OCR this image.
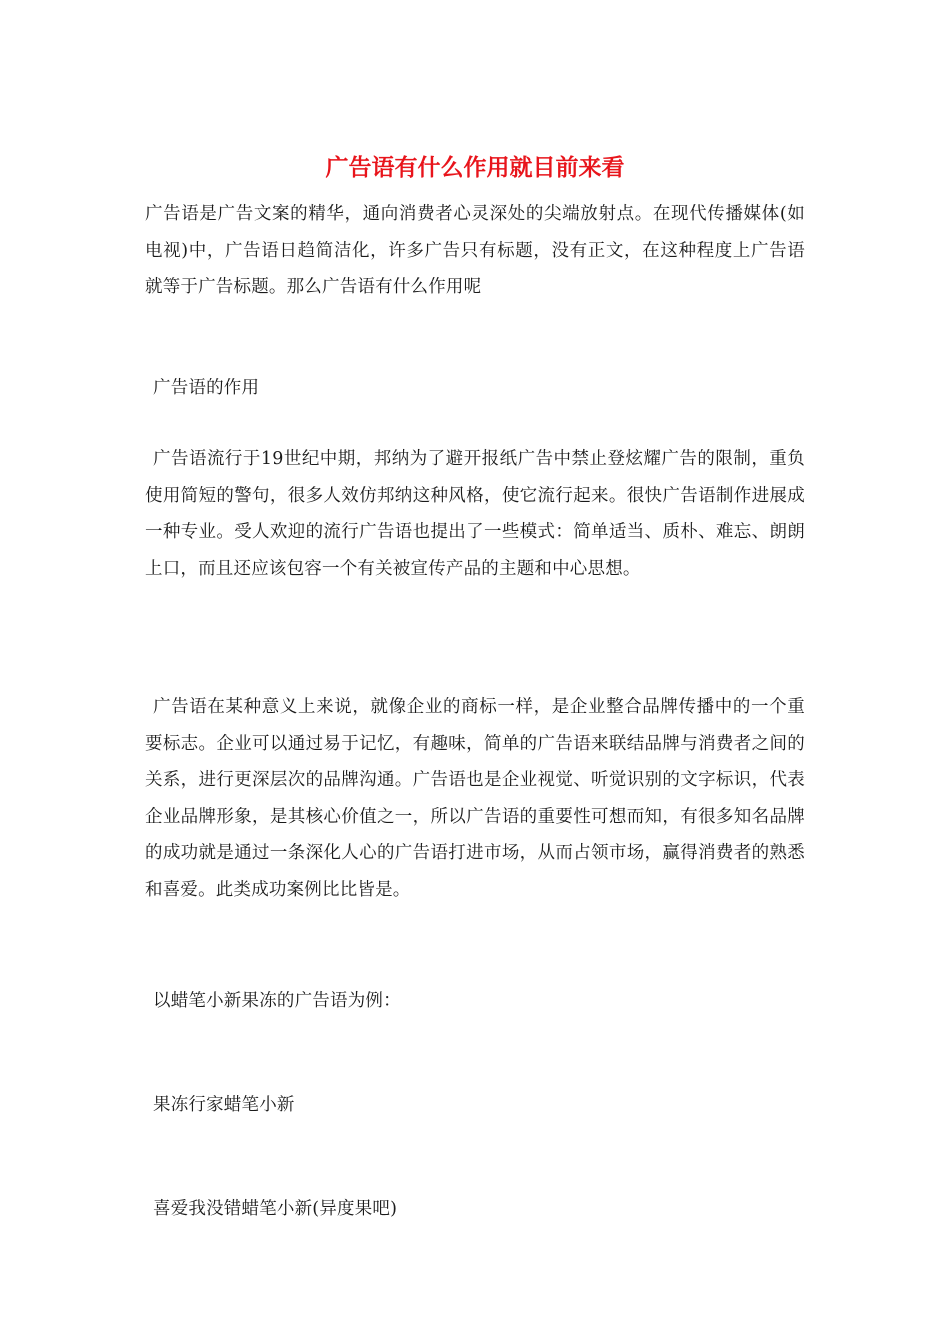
广告语有什么作用就目前来看

广告语是广告文案的精华，通向消费者心灵深处的尖端放射点。在现代传播媒体(如电视)中，广告语日趋简洁化，许多广告只有标题，没有正文，在这种程度上广告语就等于广告标题。那么广告语有什么作用呢

广告语的作用

广告语流行于19世纪中期，邦纳为了避开报纸广告中禁止登炫耀广告的限制，重负使用简短的警句，很多人效仿邦纳这种风格，使它流行起来。很快广告语制作进展成一种专业。受人欢迎的流行广告语也提出了一些模式：简单适当、质朴、难忘、朗朗上口，而且还应该包容一个有关被宣传产品的主题和中心思想。

广告语在某种意义上来说，就像企业的商标一样，是企业整合品牌传播中的一个重要标志。企业可以通过易于记忆，有趣味，简单的广告语来联结品牌与消费者之间的关系，进行更深层次的品牌沟通。广告语也是企业视觉、听觉识别的文字标识，代表企业品牌形象，是其核心价值之一，所以广告语的重要性可想而知，有很多知名品牌的成功就是通过一条深化人心的广告语打进市场，从而占领市场，赢得消费者的熟悉和喜爱。此类成功案例比比皆是。

以蜡笔小新果冻的广告语为例：

果冻行家蜡笔小新

喜爱我没错蜡笔小新(异度果吧)
